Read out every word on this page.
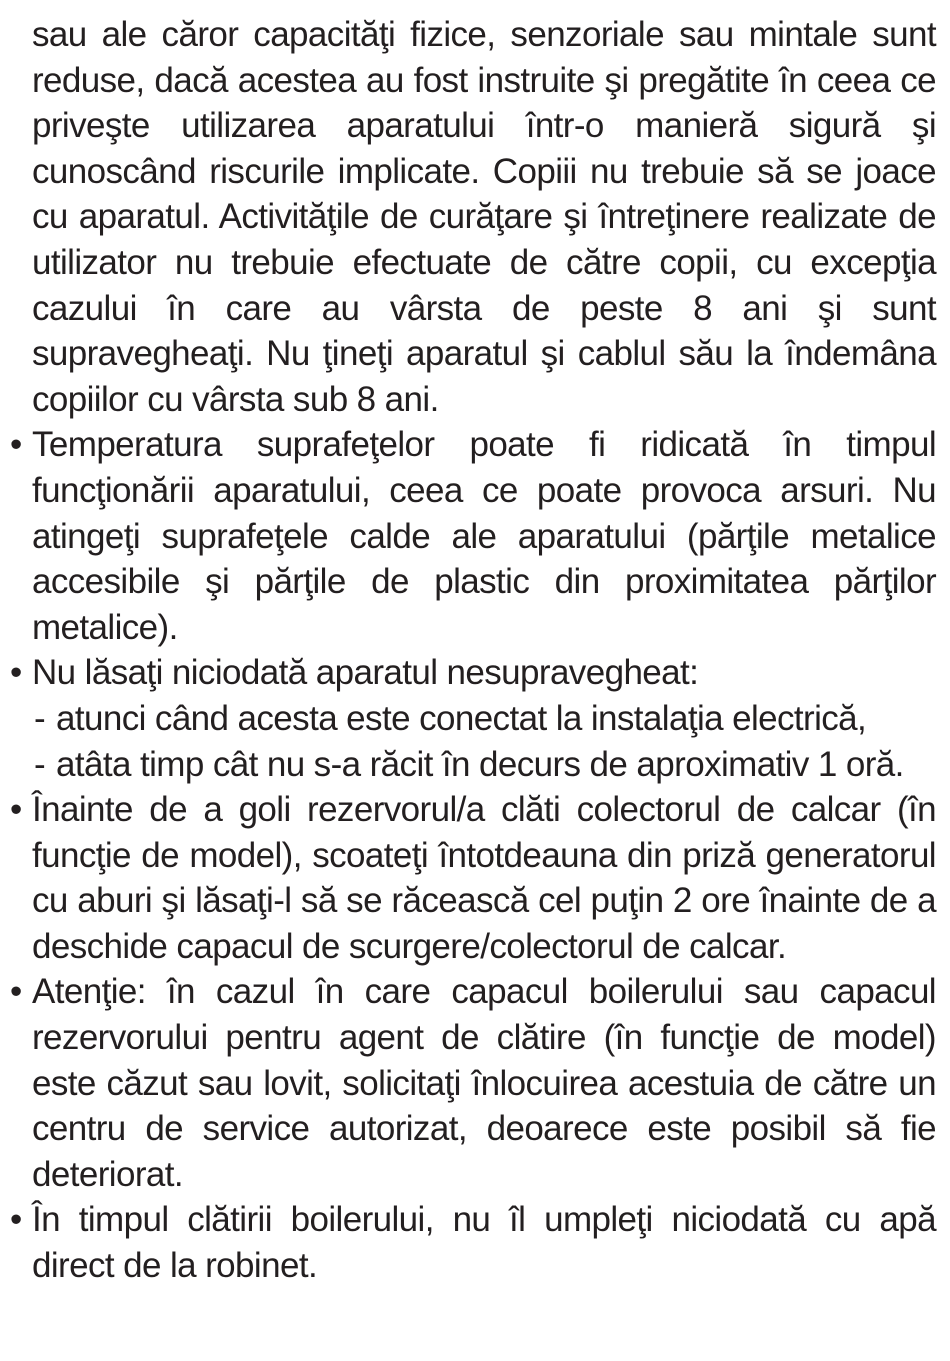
sau ale căror capacităţi fizice, senzoriale sau mintale sunt reduse, dacă acestea au fost instruite şi pregătite în ceea ce priveşte utilizarea aparatului într-o manieră sigură şi cunoscând riscurile implicate. Copiii nu trebuie să se joace cu aparatul. Activităţile de curăţare şi întreţinere realizate de utilizator nu trebuie efectuate de către copii, cu excepţia cazului în care au vârsta de peste 8 ani şi sunt supravegheaţi. Nu ţineţi aparatul şi cablul său la îndemâna copiilor cu vârsta sub 8 ani.

• Temperatura suprafeţelor poate fi ridicată în timpul funcţionării aparatului, ceea ce poate provoca arsuri. Nu atingeţi suprafeţele calde ale aparatului (părţile metalice accesibile şi părţile de plastic din proximitatea părţilor metalice).
• Nu lăsaţi niciodată aparatul nesupravegheat:
- atunci când acesta este conectat la instalaţia electrică,
- atâta timp cât nu s-a răcit în decurs de aproximativ 1 oră.
• Înainte de a goli rezervorul/a clăti colectorul de calcar (în funcţie de model), scoateţi întotdeauna din priză generatorul cu aburi şi lăsaţi-l să se răcească cel puţin 2 ore înainte de a deschide capacul de scurgere/colectorul de calcar.
• Atenţie: în cazul în care capacul boilerului sau capacul rezervorului pentru agent de clătire (în funcţie de model) este căzut sau lovit, solicitaţi înlocuirea acestuia de către un centru de service autorizat, deoarece este posibil să fie deteriorat.
• În timpul clătirii boilerului, nu îl umpleţi niciodată cu apă direct de la robinet.
